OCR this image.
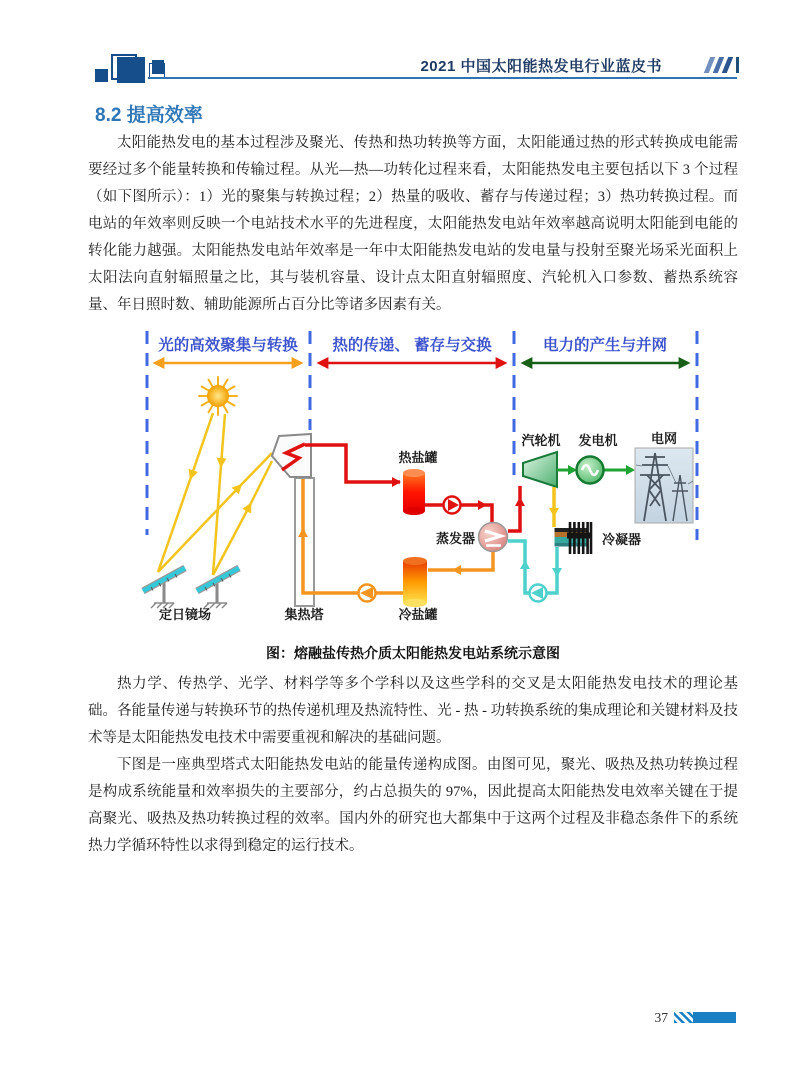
2021 中国太阳能热发电行业蓝皮书
8.2 提高效率
太阳能热发电的基本过程涉及聚光、传热和热功转换等方面，太阳能通过热的形式转换成电能需要经过多个能量转换和传输过程。从光—热—功转化过程来看，太阳能热发电主要包括以下 3 个过程（如下图所示）：1）光的聚集与转换过程；2）热量的吸收、蓄存与传递过程；3）热功转换过程。而电站的年效率则反映一个电站技术水平的先进程度，太阳能热发电站年效率越高说明太阳能到电能的转化能力越强。太阳能热发电站年效率是一年中太阳能热发电站的发电量与投射至聚光场采光面积上太阳法向直射辐照量之比，其与装机容量、设计点太阳直射辐照度、汽轮机入口参数、蓄热系统容量、年日照时数、辅助能源所占百分比等诸多因素有关。
光的高效聚集与转换 热的传递、 蓄存与交换	电力的产生与并网
定日镜场	集热塔
热盐罐
蒸发器
冷盐罐
汽轮机
冷凝器
发电机	电网
图：熔融盐传热介质太阳能热发电站系统示意图
热力学、传热学、光学、材料学等多个学科以及这些学科的交叉是太阳能热发电技术的理论基础。各能量传递与转换环节的热传递机理及热流特性、光 - 热 - 功转换系统的集成理论和关键材料及技术等是太阳能热发电技术中需要重视和解决的基础问题。
下图是一座典型塔式太阳能热发电站的能量传递构成图。由图可见，聚光、吸热及热功转换过程是构成系统能量和效率损失的主要部分，约占总损失的 97%，因此提高太阳能热发电效率关键在于提高聚光、吸热及热功转换过程的效率。国内外的研究也大都集中于这两个过程及非稳态条件下的系统热力学循环特性以求得到稳定的运行技术。
37
